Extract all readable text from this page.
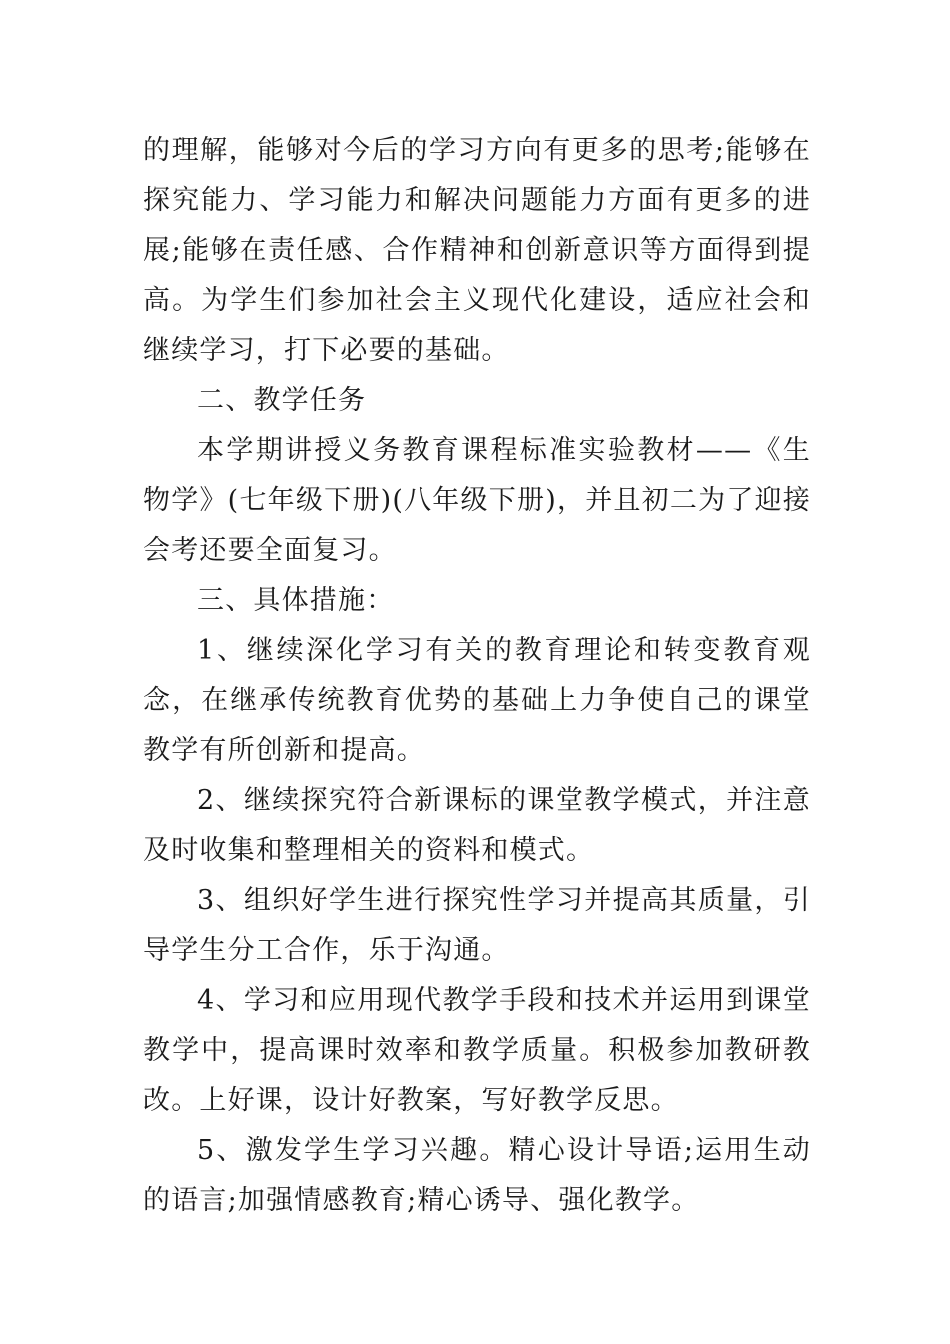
的理解，能够对今后的学习方向有更多的思考;能够在探究能力、学习能力和解决问题能力方面有更多的进展;能够在责任感、合作精神和创新意识等方面得到提高。为学生们参加社会主义现代化建设，适应社会和继续学习，打下必要的基础。

二、教学任务

本学期讲授义务教育课程标准实验教材——《生物学》(七年级下册)(八年级下册)，并且初二为了迎接会考还要全面复习。

三、具体措施：

1、继续深化学习有关的教育理论和转变教育观念，在继承传统教育优势的基础上力争使自己的课堂教学有所创新和提高。

2、继续探究符合新课标的课堂教学模式，并注意及时收集和整理相关的资料和模式。

3、组织好学生进行探究性学习并提高其质量，引导学生分工合作，乐于沟通。

4、学习和应用现代教学手段和技术并运用到课堂教学中，提高课时效率和教学质量。积极参加教研教改。上好课，设计好教案，写好教学反思。

5、激发学生学习兴趣。精心设计导语;运用生动的语言;加强情感教育;精心诱导、强化教学。
